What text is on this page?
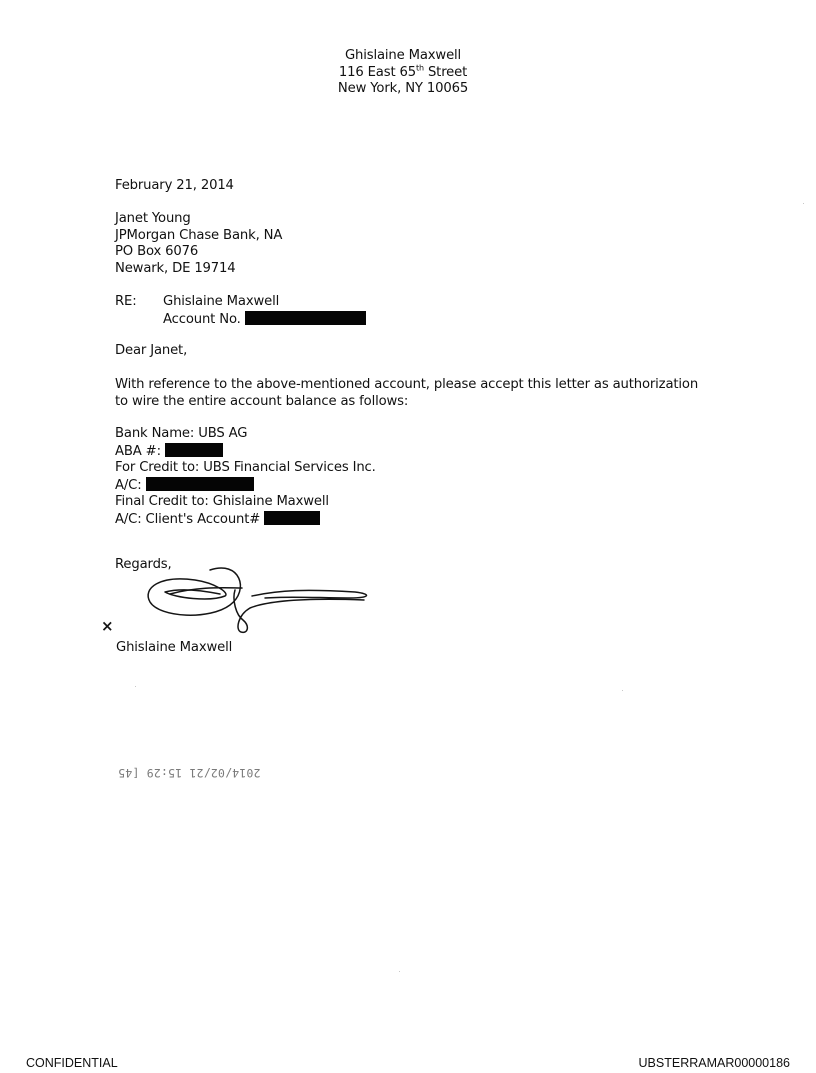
Ghislaine Maxwell
116 East 65th Street
New York, NY 10065
February 21, 2014
Janet Young
JPMorgan Chase Bank, NA
PO Box 6076
Newark, DE 19714
RE: Ghislaine Maxwell
Account No.
Dear Janet,
With reference to the above-mentioned account, please accept this letter as authorization
to wire the entire account balance as follows:
Bank Name: UBS AG
ABA #:
For Credit to: UBS Financial Services Inc.
A/C:
Final Credit to: Ghislaine Maxwell
A/C: Client's Account#
Regards,
×
Ghislaine Maxwell
2014/02/21 15:29 [45
CONFIDENTIAL	UBSTERRAMAR00000186
